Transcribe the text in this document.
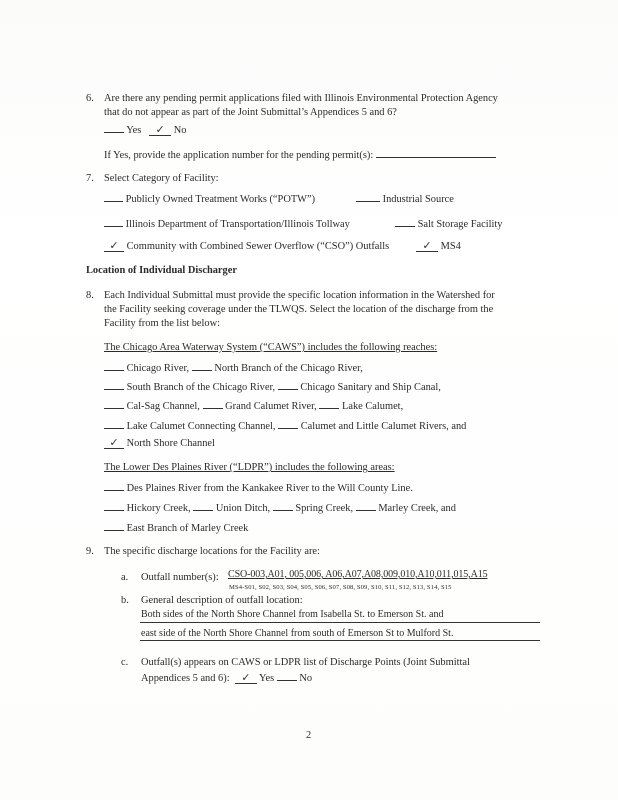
6. Are there any pending permit applications filed with Illinois Environmental Protection Agency
that do not appear as part of the Joint Submittal’s Appendices 5 and 6?
Yes ✓ No
If Yes, provide the application number for the pending permit(s):
7. Select Category of Facility:
Publicly Owned Treatment Works (“POTW”)	Industrial Source
Illinois Department of Transportation/Illinois Tollway	Salt Storage Facility
✓ Community with Combined Sewer Overflow (“CSO”) Outfalls	✓ MS4
Location of Individual Discharger
8. Each Individual Submittal must provide the specific location information in the Watershed for
the Facility seeking coverage under the TLWQS. Select the location of the discharge from the
Facility from the list below:
The Chicago Area Waterway System (“CAWS”) includes the following reaches:
Chicago River, North Branch of the Chicago River,
South Branch of the Chicago River, Chicago Sanitary and Ship Canal,
Cal-Sag Channel, Grand Calumet River, Lake Calumet,
Lake Calumet Connecting Channel, Calumet and Little Calumet Rivers, and
✓ North Shore Channel
The Lower Des Plaines River (“LDPR”) includes the following areas:
Des Plaines River from the Kankakee River to the Will County Line.
Hickory Creek, Union Ditch, Spring Creek, Marley Creek, and
East Branch of Marley Creek
9. The specific discharge locations for the Facility are:
a. Outfall number(s): CSO-003,A01, 005,006, A06,A07,A08,009,010,A10,011,015,A15
MS4-S01, S02, S03, S04, S05, S06, S07, S08, S09, S10, S11, S12, S13, S14, S15
b. General description of outfall location:
Both sides of the North Shore Channel from Isabella St. to Emerson St. and
east side of the North Shore Channel from south of Emerson St to Mulford St.
c. Outfall(s) appears on CAWS or LDPR list of Discharge Points (Joint Submittal
Appendices 5 and 6): ✓ Yes No
2
